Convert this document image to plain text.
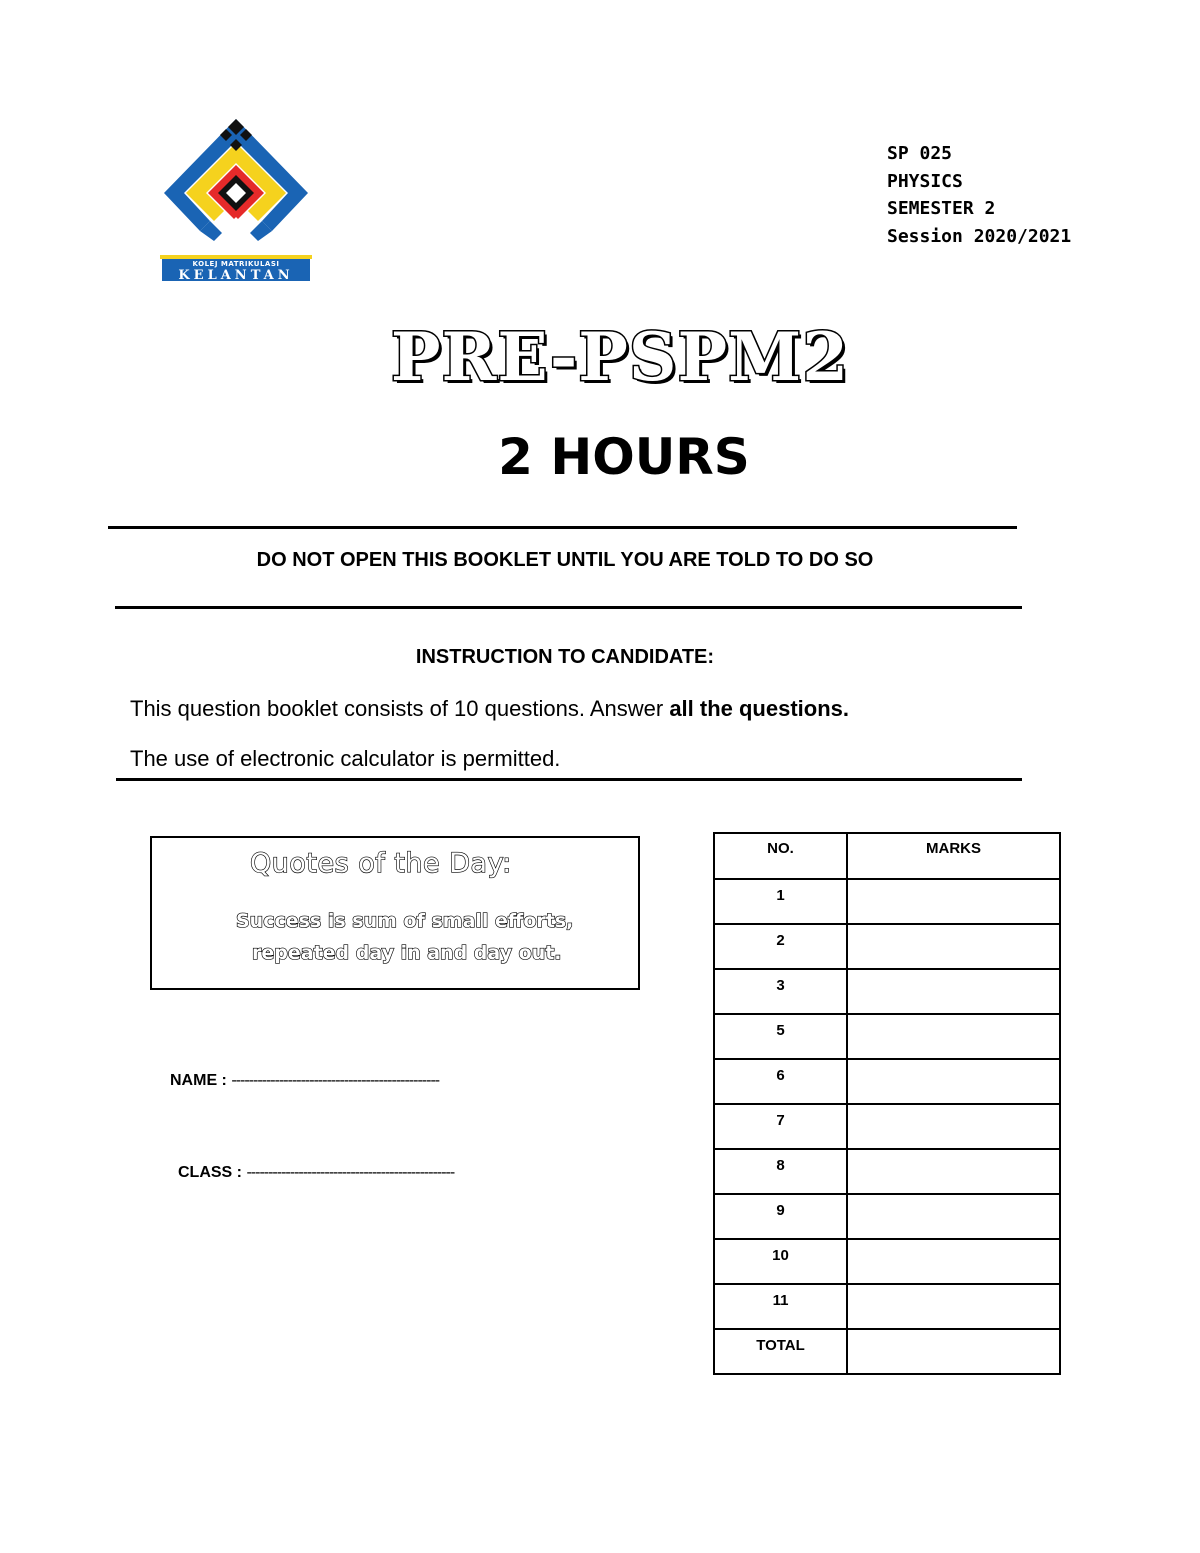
KOLEJ MATRIKULASI
KELANTAN
SP 025
PHYSICS
SEMESTER 2
Session 2020/2021
PRE-PSPM2
2 HOURS
DO NOT OPEN THIS BOOKLET UNTIL YOU ARE TOLD TO DO SO
INSTRUCTION TO CANDIDATE:
This question booklet consists of 10 questions. Answer all the questions.
The use of electronic calculator is permitted.
Quotes of the Day:
Success is sum of small efforts,
repeated day in and day out.
NAME : ------------------------------------------------
CLASS : ------------------------------------------------
NO.	MARKS
1	
2	
3	
5	
6	
7	
8	
9	
10	
11	
TOTAL	
